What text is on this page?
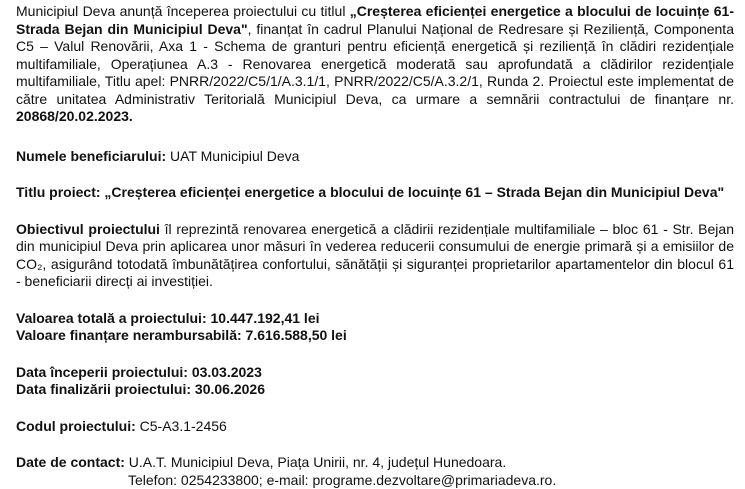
Municipiul Deva anunță începerea proiectului cu titlul „Creșterea eficienței energetice a blocului de locuințe 61- Strada Bejan din Municipiul Deva", finanțat în cadrul Planului Național de Redresare și Reziliență, Componenta C5 – Valul Renovării, Axa 1 - Schema de granturi pentru eficiență energetică și reziliență în clădiri rezidențiale multifamiliale, Operațiunea A.3 - Renovarea energetică moderată sau aprofundată a clădirilor rezidențiale multifamiliale, Titlu apel: PNRR/2022/C5/1/A.3.1/1, PNRR/2022/C5/A.3.2/1, Runda 2. Proiectul este implementat de către unitatea Administrativ Teritorială Municipiul Deva, ca urmare a semnării contractului de finanțare nr. 20868/20.02.2023.

Numele beneficiarului: UAT Municipiul Deva

Titlu proiect: „Creșterea eficienței energetice a blocului de locuințe 61 – Strada Bejan din Municipiul Deva"

Obiectivul proiectului îl reprezintă renovarea energetică a clădirii rezidențiale multifamiliale – bloc 61 - Str. Bejan din municipiul Deva prin aplicarea unor măsuri în vederea reducerii consumului de energie primară și a emisiilor de CO₂, asigurând totodată îmbunătățirea confortului, sănătății și siguranței proprietarilor apartamentelor din blocul 61 - beneficiarii direcți ai investiției.

Valoarea totală a proiectului: 10.447.192,41 lei
Valoare finanțare nerambursabilă: 7.616.588,50 lei

Data începerii proiectului: 03.03.2023
Data finalizării proiectului: 30.06.2026

Codul proiectului: C5-A3.1-2456

Date de contact: U.A.T. Municipiul Deva, Piața Unirii, nr. 4, județul Hunedoara.
Telefon: 0254233800; e-mail: programe.dezvoltare@primariadeva.ro.
